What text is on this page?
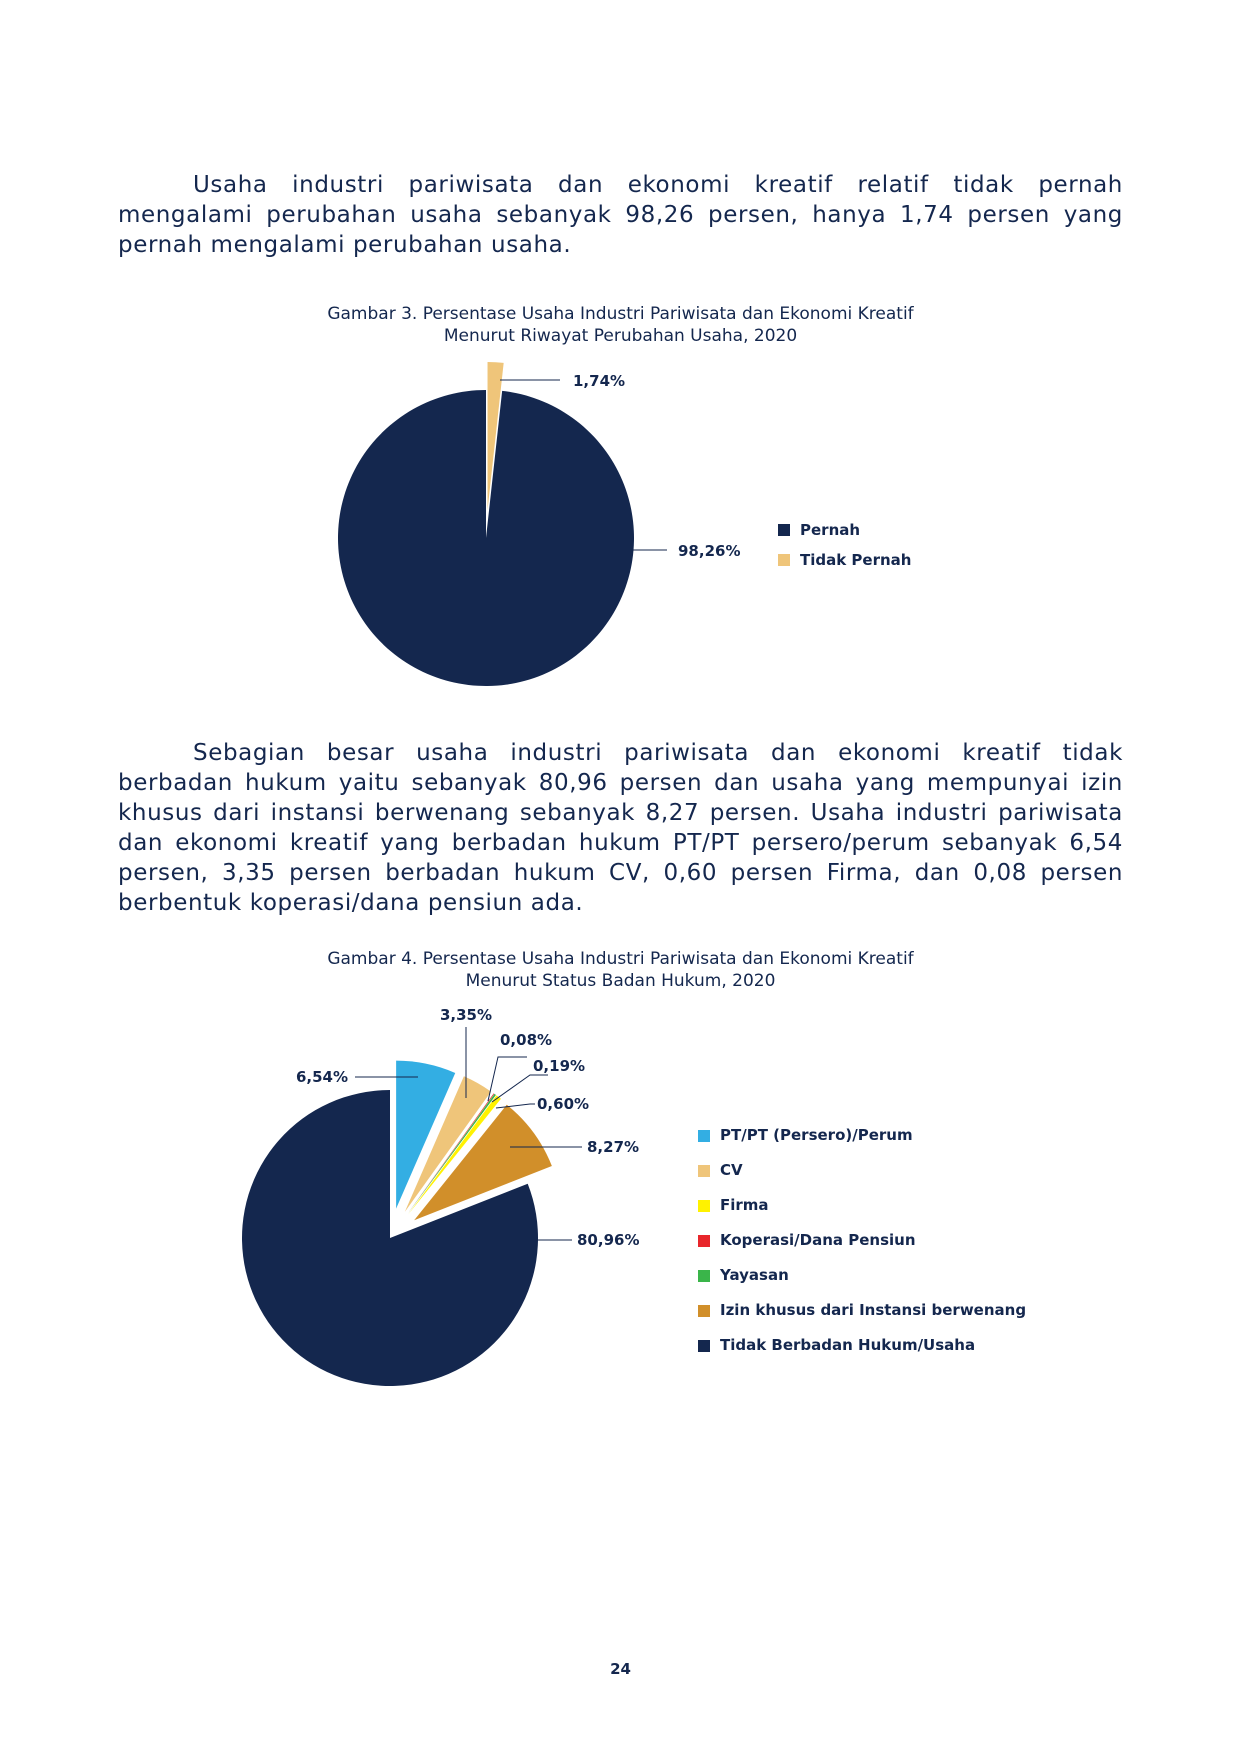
Usaha industri pariwisata dan ekonomi kreatif relatif tidak pernah mengalami perubahan usaha sebanyak 98,26 persen, hanya 1,74 persen yang pernah mengalami perubahan usaha.

Gambar 3. Persentase Usaha Industri Pariwisata dan Ekonomi Kreatif
Menurut Riwayat Perubahan Usaha, 2020
98,26%
1,74%
Pernah
Tidak Pernah

Sebagian besar usaha industri pariwisata dan ekonomi kreatif tidak berbadan hukum yaitu sebanyak 80,96 persen dan usaha yang mempunyai izin khusus dari instansi berwenang sebanyak 8,27 persen. Usaha industri pariwisata dan ekonomi kreatif yang berbadan hukum PT/PT persero/perum sebanyak 6,54 persen, 3,35 persen berbadan hukum CV, 0,60 persen Firma, dan 0,08 persen berbentuk koperasi/dana pensiun ada.

Gambar 4. Persentase Usaha Industri Pariwisata dan Ekonomi Kreatif
Menurut Status Badan Hukum, 2020
6,54%
3,35%
0,60%
0,08%
0,19%
8,27%
80,96%
PT/PT (Persero)/Perum
CV
Firma
Koperasi/Dana Pensiun
Yayasan
Izin khusus dari Instansi berwenang
Tidak Berbadan Hukum/Usaha
24
